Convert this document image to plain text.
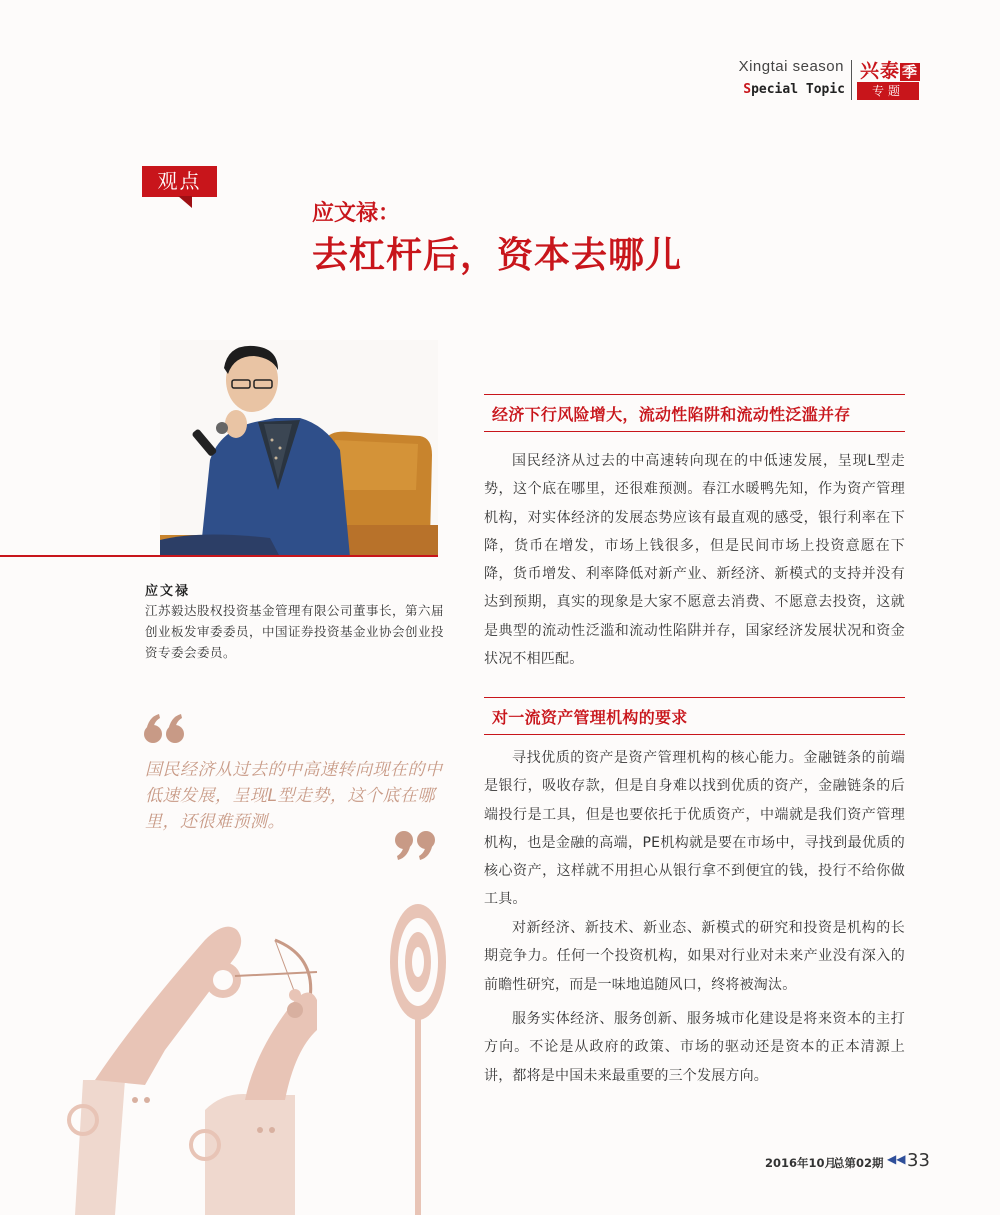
Xingtai season
Special Topic
兴泰 季
专题
观点
应文禄：
去杠杆后，资本去哪儿
应文禄
江苏毅达股权投资基金管理有限公司董事长，第六届创业板发审委委员，中国证券投资基金业协会创业投资专委会委员。
国民经济从过去的中高速转向现在的中低速发展，呈现L型走势，这个底在哪里，还很难预测。
经济下行风险增大，流动性陷阱和流动性泛滥并存
国民经济从过去的中高速转向现在的中低速发展，呈现L型走势，这个底在哪里，还很难预测。春江水暖鸭先知，作为资产管理机构，对实体经济的发展态势应该有最直观的感受，银行利率在下降，货币在增发，市场上钱很多，但是民间市场上投资意愿在下降，货币增发、利率降低对新产业、新经济、新模式的支持并没有达到预期，真实的现象是大家不愿意去消费、不愿意去投资，这就是典型的流动性泛滥和流动性陷阱并存，国家经济发展状况和资金状况不相匹配。
对一流资产管理机构的要求
寻找优质的资产是资产管理机构的核心能力。金融链条的前端是银行，吸收存款，但是自身难以找到优质的资产，金融链条的后端投行是工具，但是也要依托于优质资产，中端就是我们资产管理机构，也是金融的高端，PE机构就是要在市场中，寻找到最优质的核心资产，这样就不用担心从银行拿不到便宜的钱，投行不给你做工具。
对新经济、新技术、新业态、新模式的研究和投资是机构的长期竞争力。任何一个投资机构，如果对行业对未来产业没有深入的前瞻性研究，而是一味地追随风口，终将被淘汰。
服务实体经济、服务创新、服务城市化建设是将来资本的主打方向。不论是从政府的政策、市场的驱动还是资本的正本清源上讲，都将是中国未来最重要的三个发展方向。
2016年10月
总第02期 ◀◀ 33
